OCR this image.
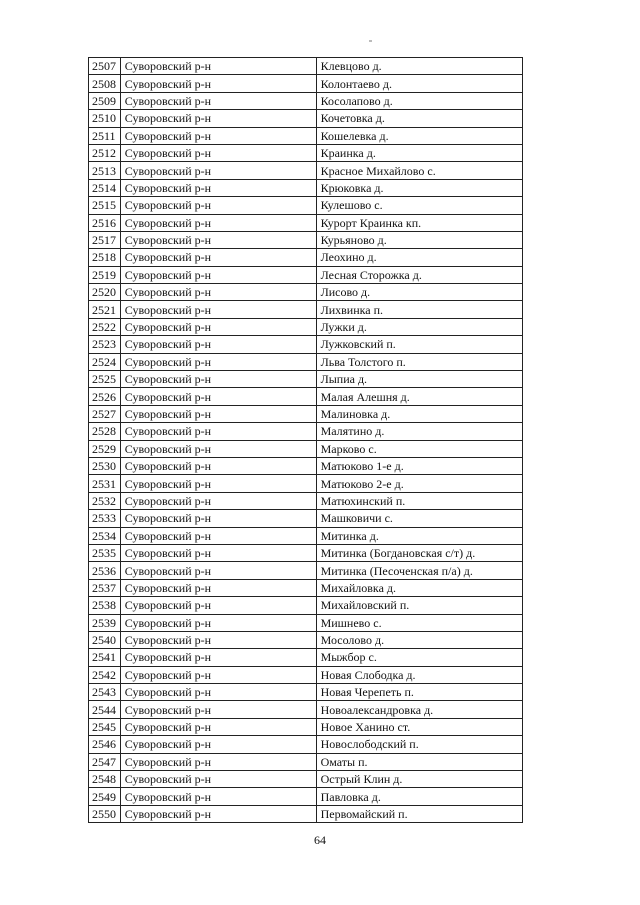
2507	Суворовский р-н	Клевцово д.
2508	Суворовский р-н	Колонтаево д.
2509	Суворовский р-н	Косолапово д.
2510	Суворовский р-н	Кочетовка д.
2511	Суворовский р-н	Кошелевка д.
2512	Суворовский р-н	Краинка д.
2513	Суворовский р-н	Красное Михайлово с.
2514	Суворовский р-н	Крюковка д.
2515	Суворовский р-н	Кулешово с.
2516	Суворовский р-н	Курорт Краинка кп.
2517	Суворовский р-н	Курьяново д.
2518	Суворовский р-н	Леохино д.
2519	Суворовский р-н	Лесная Сторожка д.
2520	Суворовский р-н	Лисово д.
2521	Суворовский р-н	Лихвинка п.
2522	Суворовский р-н	Лужки д.
2523	Суворовский р-н	Лужковский п.
2524	Суворовский р-н	Льва Толстого п.
2525	Суворовский р-н	Лыпиа д.
2526	Суворовский р-н	Малая Алешня д.
2527	Суворовский р-н	Малиновка д.
2528	Суворовский р-н	Малятино д.
2529	Суворовский р-н	Марково с.
2530	Суворовский р-н	Матюково 1-е д.
2531	Суворовский р-н	Матюково 2-е д.
2532	Суворовский р-н	Матюхинский п.
2533	Суворовский р-н	Машковичи с.
2534	Суворовский р-н	Митинка д.
2535	Суворовский р-н	Митинка (Богдановская с/т) д.
2536	Суворовский р-н	Митинка (Песоченская п/а) д.
2537	Суворовский р-н	Михайловка д.
2538	Суворовский р-н	Михайловский п.
2539	Суворовский р-н	Мишнево с.
2540	Суворовский р-н	Мосолово д.
2541	Суворовский р-н	Мыжбор с.
2542	Суворовский р-н	Новая Слободка д.
2543	Суворовский р-н	Новая Черепеть п.
2544	Суворовский р-н	Новоалександровка д.
2545	Суворовский р-н	Новое Ханино ст.
2546	Суворовский р-н	Новослободский п.
2547	Суворовский р-н	Оматы п.
2548	Суворовский р-н	Острый Клин д.
2549	Суворовский р-н	Павловка д.
2550	Суворовский р-н	Первомайский п.
64
